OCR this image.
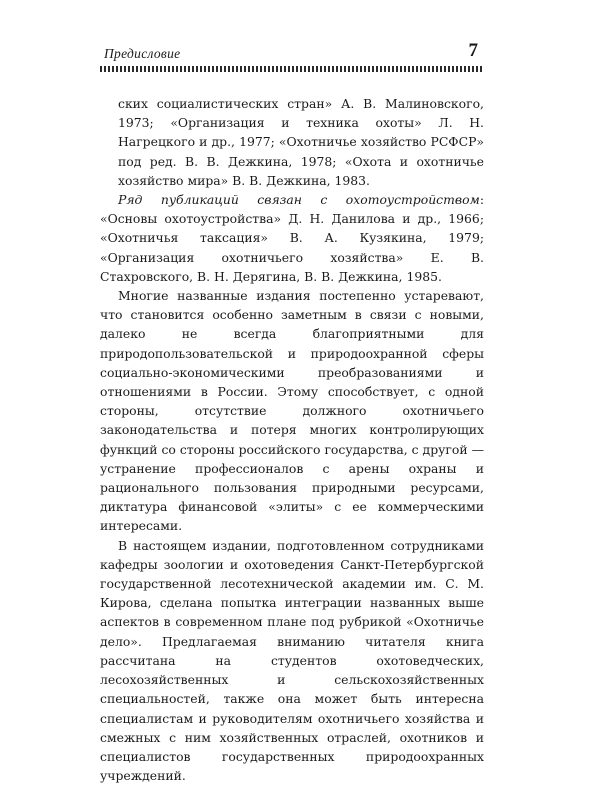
Предисловие	7

ских социалистических стран» А. В. Малиновского, 1973; «Организация и техника охоты» Л. Н. Нагрецкого и др., 1977; «Охотничье хозяйство РСФСР» под ред. В. В. Дежкина, 1978; «Охота и охотничье хозяйство мира» В. В. Дежкина, 1983.

Ряд публикаций связан с охотоустройством: «Основы охотоустройства» Д. Н. Данилова и др., 1966; «Охотничья таксация» В. А. Кузякина, 1979; «Организация охотничьего хозяйства» Е. В. Стахровского, В. Н. Дерягина, В. В. Дежкина, 1985.

Многие названные издания постепенно устаревают, что становится особенно заметным в связи с новыми, далеко не всегда благоприятными для природопользовательской и природоохранной сферы социально-экономическими преобразованиями и отношениями в России. Этому способствует, с одной стороны, отсутствие должного охотничьего законодательства и потеря многих контролирующих функций со стороны российского государства, с другой — устранение профессионалов с арены охраны и рационального пользования природными ресурсами, диктатура финансовой «элиты» с ее коммерческими интересами.

В настоящем издании, подготовленном сотрудниками кафедры зоологии и охотоведения Санкт-Петербургской государственной лесотехнической академии им. С. М. Кирова, сделана попытка интеграции названных выше аспектов в современном плане под рубрикой «Охотничье дело». Предлагаемая вниманию читателя книга рассчитана на студентов охотоведческих, лесохозяйственных и сельскохозяйственных специальностей, также она может быть интересна специалистам и руководителям охотничьего хозяйства и смежных с ним хозяйственных отраслей, охотников и специалистов государственных природоохранных учреждений.
